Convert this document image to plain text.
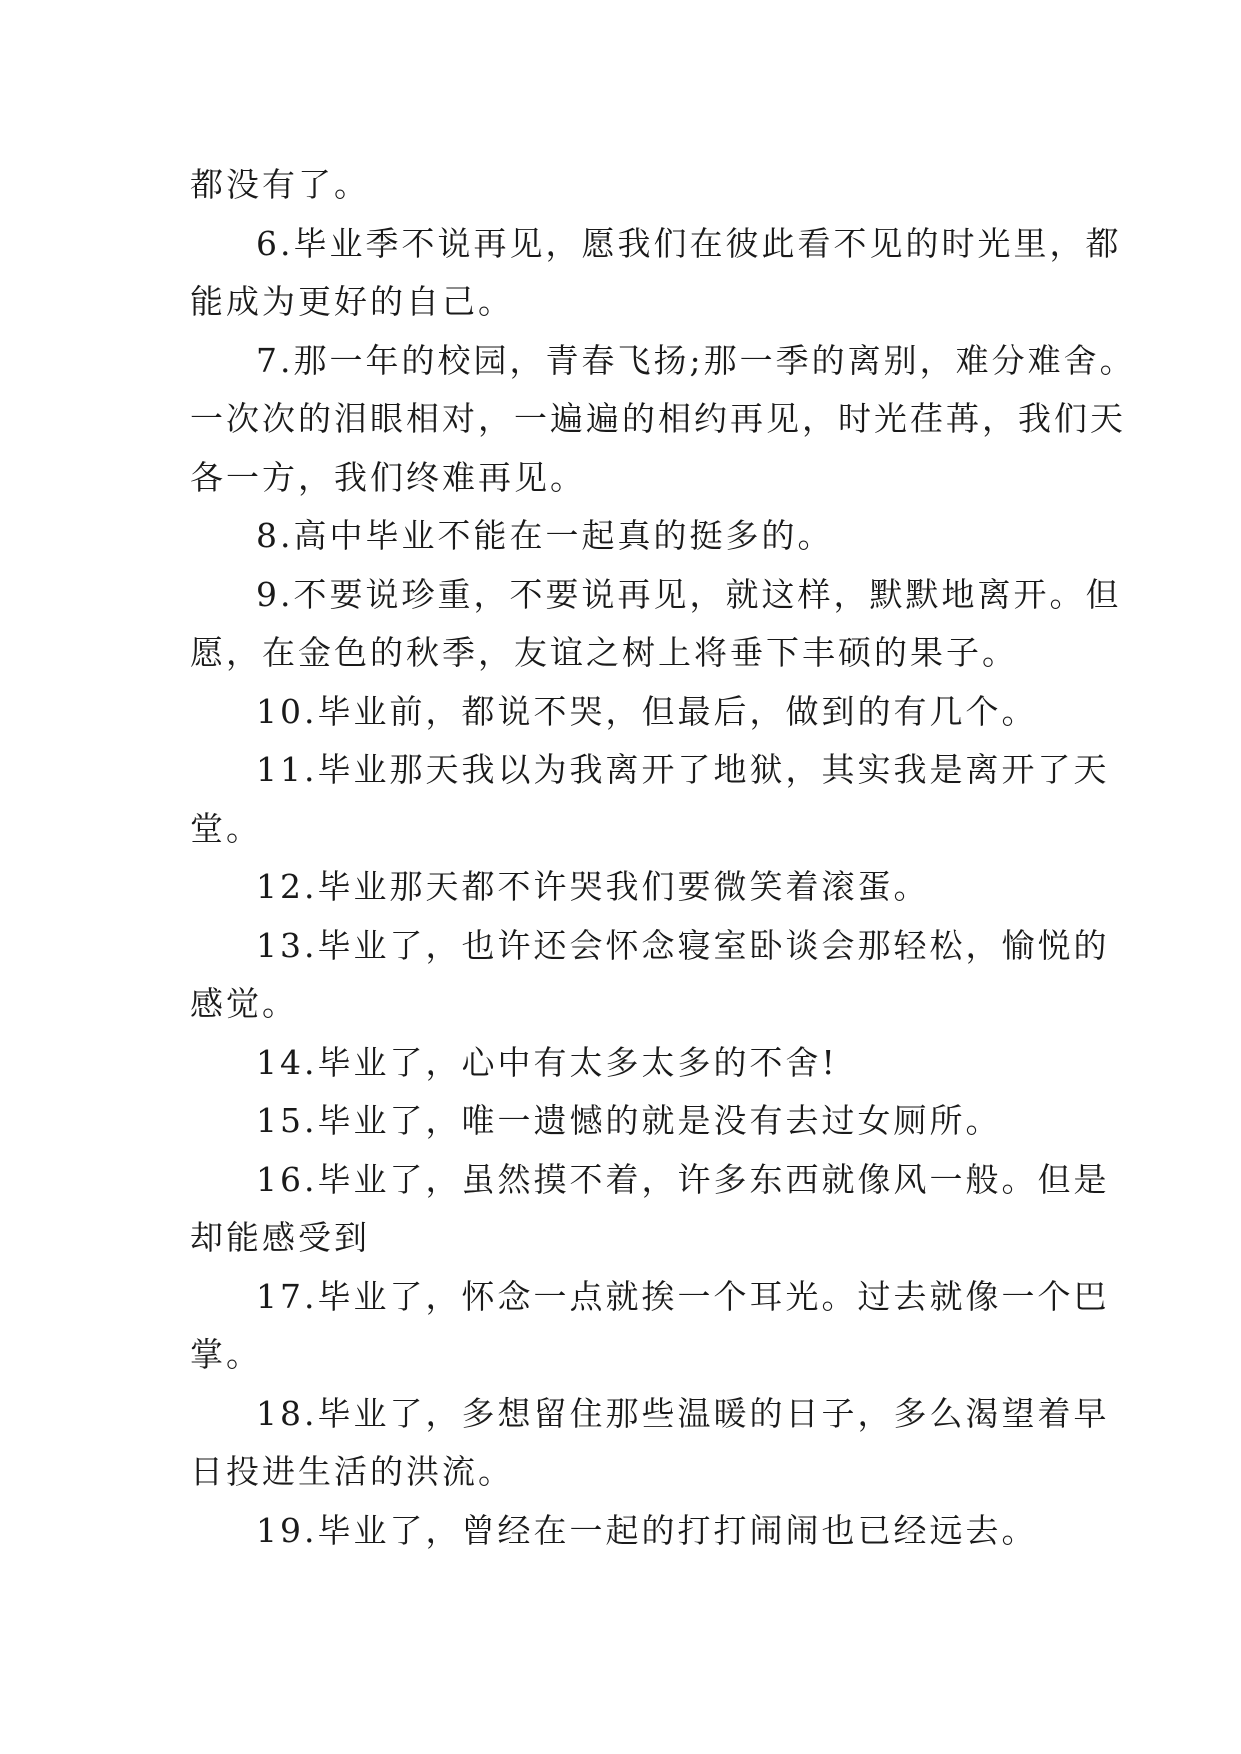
都没有了。
6.毕业季不说再见，愿我们在彼此看不见的时光里，都
能成为更好的自己。
7.那一年的校园，青春飞扬;那一季的离别，难分难舍。
一次次的泪眼相对，一遍遍的相约再见，时光荏苒，我们天
各一方，我们终难再见。
8.高中毕业不能在一起真的挺多的。
9.不要说珍重，不要说再见，就这样，默默地离开。但
愿，在金色的秋季，友谊之树上将垂下丰硕的果子。
10.毕业前，都说不哭，但最后，做到的有几个。
11.毕业那天我以为我离开了地狱，其实我是离开了天
堂。
12.毕业那天都不许哭我们要微笑着滚蛋。
13.毕业了，也许还会怀念寝室卧谈会那轻松，愉悦的
感觉。
14.毕业了，心中有太多太多的不舍!
15.毕业了，唯一遗憾的就是没有去过女厕所。
16.毕业了，虽然摸不着，许多东西就像风一般。但是
却能感受到
17.毕业了，怀念一点就挨一个耳光。过去就像一个巴
掌。
18.毕业了，多想留住那些温暖的日子，多么渴望着早
日投进生活的洪流。
19.毕业了，曾经在一起的打打闹闹也已经远去。
